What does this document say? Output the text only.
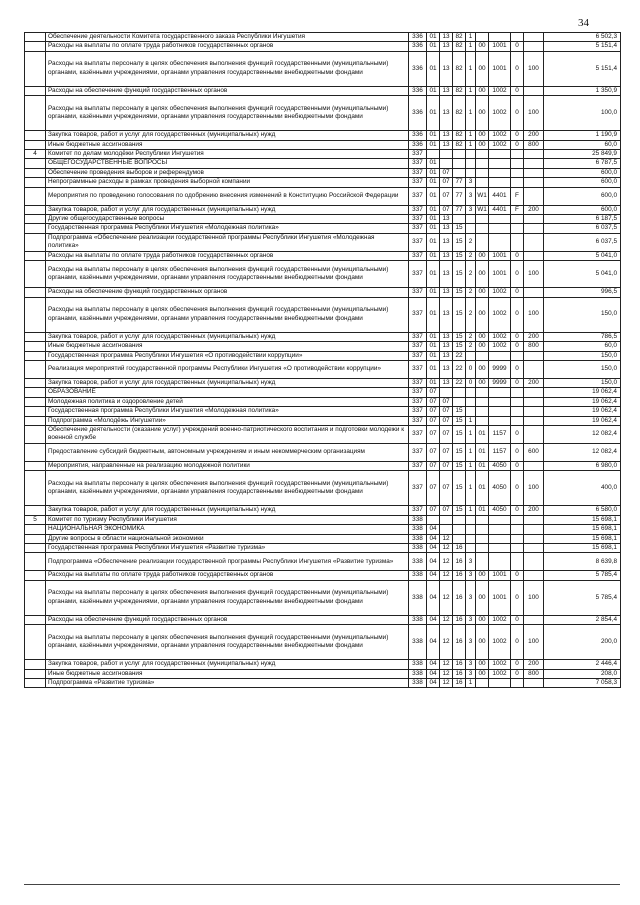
34
	Обеспечение деятельности Комитета государственного заказа Республики Ингушетия	336	01	13	82	1					6 502,3
	Расходы на выплаты по оплате труда работников государственных органов	336	01	13	82	1	00	1001	0		5 151,4
	Расходы на выплаты персоналу в целях обеспечения выполнения функций государственными (муниципальными) органами, казёнными учреждениями, органами управления государственными внебюджетными фондами	336	01	13	82	1	00	1001	0	100	5 151,4
	Расходы на обеспечение функций государственных органов	336	01	13	82	1	00	1002	0		1 350,9
	Расходы на выплаты персоналу в целях обеспечения выполнения функций государственными (муниципальными) органами, казёнными учреждениями, органами управления государственными внебюджетными фондами	336	01	13	82	1	00	1002	0	100	100,0
	Закупка товаров, работ и услуг для государственных (муниципальных) нужд	336	01	13	82	1	00	1002	0	200	1 190,9
	Иные бюджетные ассигнования	336	01	13	82	1	00	1002	0	800	60,0
4	Комитет по делам молодёжи Республики Ингушетия	337									25 849,9
	ОБЩЕГОСУДАРСТВЕННЫЕ ВОПРОСЫ	337	01								6 787,5
	Обеспечение проведения выборов и референдумов	337	01	07							600,0
	Непрограммные расходы в рамках проведения выборной компании	337	01	07	77	3					600,0
	Мероприятия по проведению голосования по одобрению внесения изменений в Конституцию Российской Федерации	337	01	07	77	3	W1	4401	F		600,0
	Закупка товаров, работ и услуг для государственных (муниципальных) нужд	337	01	07	77	3	W1	4401	F	200	600,0
	Другие общегосударственные вопросы	337	01	13							6 187,5
	Государственная программа Республики Ингушетия «Молодежная политика»	337	01	13	15						6 037,5
	Подпрограмма «Обеспечение реализации государственной программы Республики Ингушетия «Молодежная политика»	337	01	13	15	2					6 037,5
	Расходы на выплаты по оплате труда работников государственных органов	337	01	13	15	2	00	1001	0		5 041,0
	Расходы на выплаты персоналу в целях обеспечения выполнения функций государственными (муниципальными) органами, казёнными учреждениями, органами управления государственными внебюджетными фондами	337	01	13	15	2	00	1001	0	100	5 041,0
	Расходы на обеспечение функций государственных органов	337	01	13	15	2	00	1002	0		996,5
	Расходы на выплаты персоналу в целях обеспечения выполнения функций государственными (муниципальными) органами, казёнными учреждениями, органами управления государственными внебюджетными фондами	337	01	13	15	2	00	1002	0	100	150,0
	Закупка товаров, работ и услуг для государственных (муниципальных) нужд	337	01	13	15	2	00	1002	0	200	786,5
	Иные бюджетные ассигнования	337	01	13	15	2	00	1002	0	800	60,0
	Государственная программа Республики Ингушетия «О противодействии коррупции»	337	01	13	22						150,0
	Реализация мероприятий государственной программы Республики Ингушетия «О противодействии коррупции»	337	01	13	22	0	00	9999	0		150,0
	Закупка товаров, работ и услуг для государственных (муниципальных) нужд	337	01	13	22	0	00	9999	0	200	150,0
	ОБРАЗОВАНИЕ	337	07								19 062,4
	Молодежная политика и оздоровление детей	337	07	07							19 062,4
	Государственная программа Республики Ингушетия «Молодежная политика»	337	07	07	15						19 062,4
	Подпрограмма «Молодёжь Ингушетии»	337	07	07	15	1					19 062,4
	Обеспечение деятельности (оказание услуг) учреждений военно-патриотического воспитания и подготовки молодежи к военной службе	337	07	07	15	1	01	1157	0		12 082,4
	Предоставление субсидий бюджетным, автономным учреждениям и иным некоммерческим организациям	337	07	07	15	1	01	1157	0	600	12 082,4
	Мероприятия, направленные на реализацию молодежной политики	337	07	07	15	1	01	4050	0		6 980,0
	Расходы на выплаты персоналу в целях обеспечения выполнения функций государственными (муниципальными) органами, казёнными учреждениями, органами управления государственными внебюджетными фондами	337	07	07	15	1	01	4050	0	100	400,0
	Закупка товаров, работ и услуг для государственных (муниципальных) нужд	337	07	07	15	1	01	4050	0	200	6 580,0
5	Комитет по туризму Республики Ингушетия	338									15 698,1
	НАЦИОНАЛЬНАЯ ЭКОНОМИКА	338	04								15 698,1
	Другие вопросы в области национальной экономики	338	04	12							15 698,1
	Государственная программа Республики Ингушетия «Развитие туризма»	338	04	12	16						15 698,1
	Подпрограмма «Обеспечение реализации государственной программы Республики Ингушетия «Развитие туризма»	338	04	12	16	3					8 639,8
	Расходы на выплаты по оплате труда работников государственных органов	338	04	12	16	3	00	1001	0		5 785,4
	Расходы на выплаты персоналу в целях обеспечения выполнения функций государственными (муниципальными) органами, казёнными учреждениями, органами управления государственными внебюджетными фондами	338	04	12	16	3	00	1001	0	100	5 785,4
	Расходы на обеспечение функций государственных органов	338	04	12	16	3	00	1002	0		2 854,4
	Расходы на выплаты персоналу в целях обеспечения выполнения функций государственными (муниципальными) органами, казёнными учреждениями, органами управления государственными внебюджетными фондами	338	04	12	16	3	00	1002	0	100	200,0
	Закупка товаров, работ и услуг для государственных (муниципальных) нужд	338	04	12	16	3	00	1002	0	200	2 446,4
	Иные бюджетные ассигнования	338	04	12	16	3	00	1002	0	800	208,0
	Подпрограмма «Развитие туризма»	338	04	12	16	1					7 058,3
